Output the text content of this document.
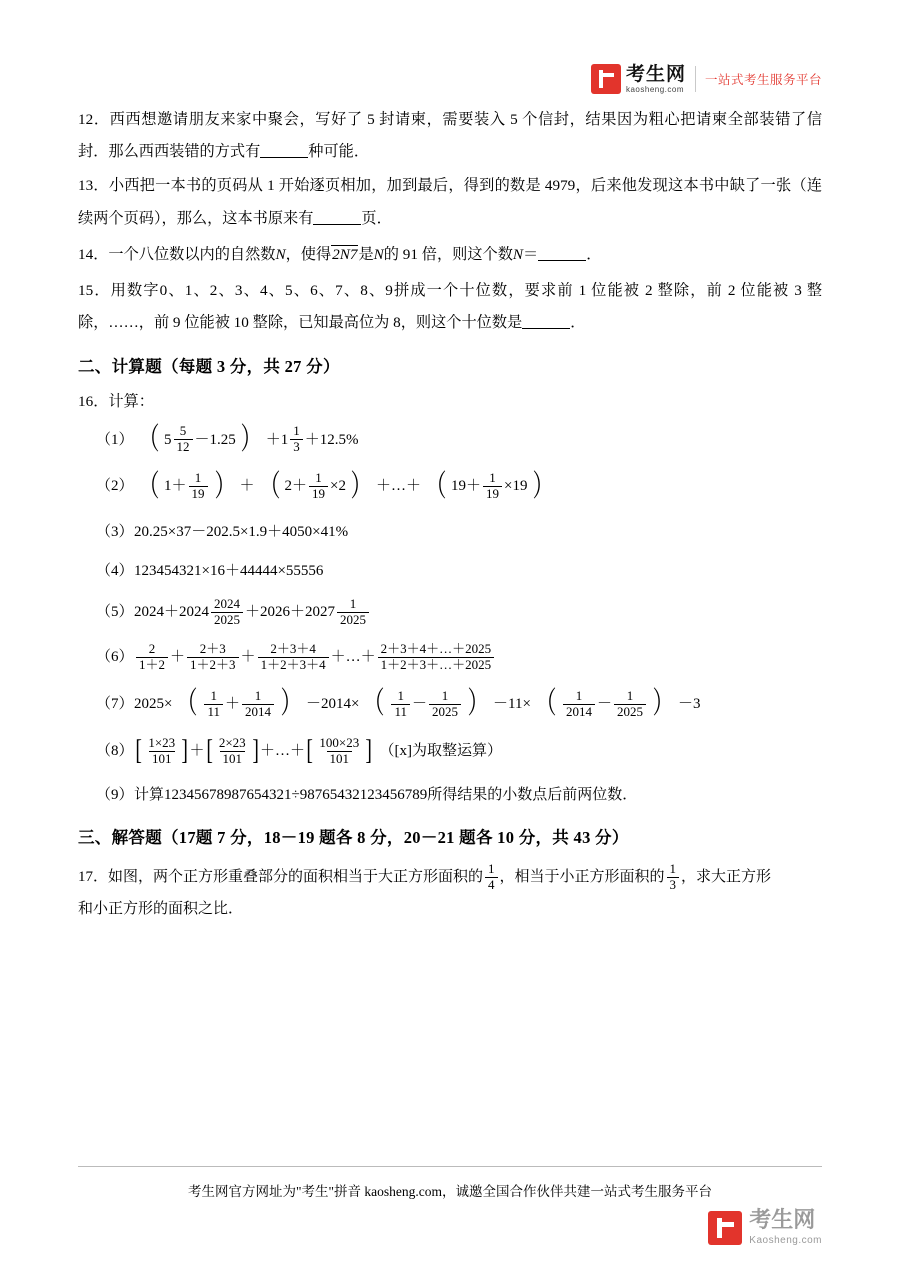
考生网
kaosheng.com
一站式考生服务平台
12．西西想邀请朋友来家中聚会，写好了 5 封请柬，需要装入 5 个信封，结果因为粗心把请柬全部装错了信封．那么西西装错的方式有	种可能．
13．小西把一本书的页码从 1 开始逐页相加，加到最后，得到的数是 4979，后来他发现这本书中缺了一张（连续两个页码），那么，这本书原来有	页．
14．一个八位数以内的自然数N，使得2N7是N的 91 倍，则这个数N＝	．
15．用数字0、1、2、3、4、5、6、7、8、9拼成一个十位数，要求前 1 位能被 2 整除，前 2 位能被 3 整除，……，前 9 位能被 10 整除，已知最高位为 8，则这个十位数是	．
二、计算题（每题 3 分，共 27 分）
16．计算：
（1） （ $5 \frac{5}{12} -1.25$ ） ＋ $1 \frac{1}{3} +12.5\%$
（2） （ $1+ \frac{1}{19}$ ） ＋ （ $2+ \frac{1}{19} \times 2$ ） ＋…＋ （ $19+ \frac{1}{19} \times 19$ ）
（3） 20.25×37－202.5×1.9＋4050×41%
（4） 123454321×16＋44444×55556
（5） $2024+2024 \frac{2024}{2025} +2026+2027 \frac{1}{2025}$
$(6) \frac{2}{1+2} + \frac{2+3}{1+2+3} + \frac{2+3+4}{1+2+3+4}$ ＋…＋ $\frac{2+3+4+\dots+2025}{1+2+3+\dots+2025}$
（7） 2025× （ $\frac{1}{11} + \frac{1}{2014}$ ） －2014× （ $\frac{1}{11} - \frac{1}{2025}$ ） －11× （ $\frac{1}{2014} - \frac{1}{2025}$ ） －3
（8） [ $\frac{1\times 23}{101}$ ] ＋ [ $\frac{2\times 23}{101}$ ] ＋…＋ [ $\frac{100\times 23}{101}$ ] （[x]为取整运算）
（9） 计算12345678987654321÷98765432123456789所得结果的小数点后前两位数．
三、解答题（17题 7 分，18－19 题各 8 分，20－21 题各 10 分，共 43 分）
17．如图，两个正方形重叠部分的面积相当于大正方形面积的 $\frac{1}{4}$ ，相当于小正方形面积的 $\frac{1}{3}$ ，求大正方形
和小正方形的面积之比．
考生网官方网址为"考生"拼音 kaosheng.com，诚邀全国合作伙伴共建一站式考生服务平台
考生网
Kaosheng.com
